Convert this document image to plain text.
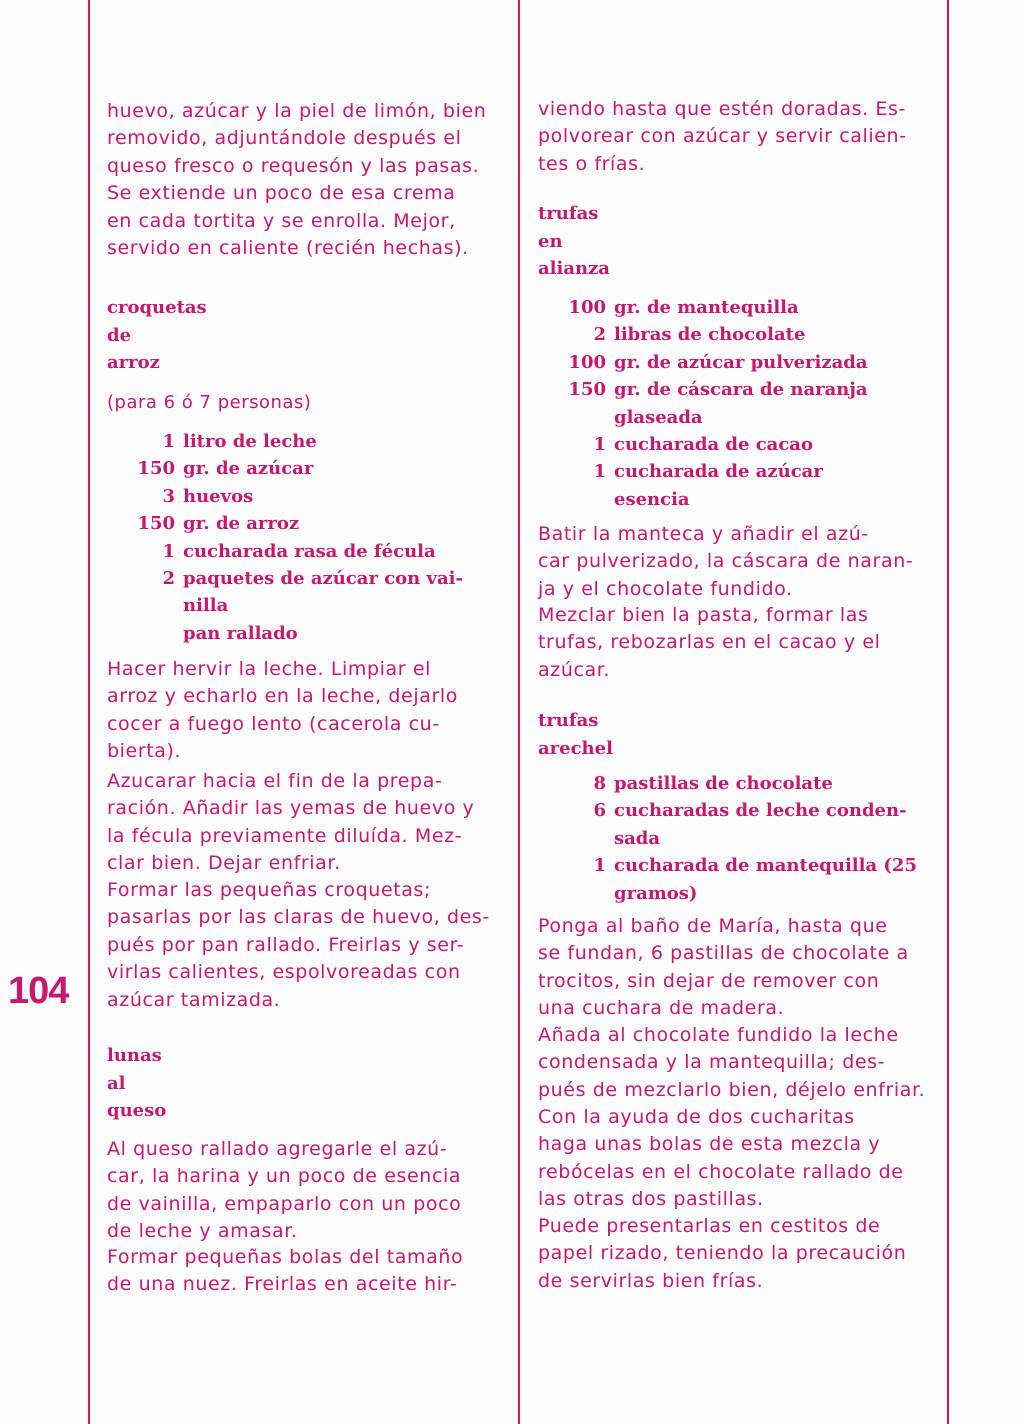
104
huevo, azúcar y la piel de limón, bien
removido, adjuntándole después el
queso fresco o requesón y las pasas.
Se extiende un poco de esa crema
en cada tortita y se enrolla. Mejor,
servido en caliente (recién hechas).
croquetas
de
arroz
(para 6 ó 7 personas)
1 litro de leche
150 gr. de azúcar
3 huevos
150 gr. de arroz
1 cucharada rasa de fécula
2 paquetes de azúcar con vai-
nilla
pan rallado
Hacer hervir la leche. Limpiar el
arroz y echarlo en la leche, dejarlo
cocer a fuego lento (cacerola cu-
bierta).
Azucarar hacia el fin de la prepa-
ración. Añadir las yemas de huevo y
la fécula previamente diluída. Mez-
clar bien. Dejar enfriar.
Formar las pequeñas croquetas;
pasarlas por las claras de huevo, des-
pués por pan rallado. Freirlas y ser-
virlas calientes, espolvoreadas con
azúcar tamizada.
lunas
al
queso
Al queso rallado agregarle el azú-
car, la harina y un poco de esencia
de vainilla, empaparlo con un poco
de leche y amasar.
Formar pequeñas bolas del tamaño
de una nuez. Freirlas en aceite hir-
viendo hasta que estén doradas. Es-
polvorear con azúcar y servir calien-
tes o frías.
trufas
en
alianza
100 gr. de mantequilla
2 libras de chocolate
100 gr. de azúcar pulverizada
150 gr. de cáscara de naranja
glaseada
1 cucharada de cacao
1 cucharada de azúcar
esencia
Batir la manteca y añadir el azú-
car pulverizado, la cáscara de naran-
ja y el chocolate fundido.
Mezclar bien la pasta, formar las
trufas, rebozarlas en el cacao y el
azúcar.
trufas
arechel
8 pastillas de chocolate
6 cucharadas de leche conden-
sada
1 cucharada de mantequilla (25
gramos)
Ponga al baño de María, hasta que
se fundan, 6 pastillas de chocolate a
trocitos, sin dejar de remover con
una cuchara de madera.
Añada al chocolate fundido la leche
condensada y la mantequilla; des-
pués de mezclarlo bien, déjelo enfriar.
Con la ayuda de dos cucharitas
haga unas bolas de esta mezcla y
rebócelas en el chocolate rallado de
las otras dos pastillas.
Puede presentarlas en cestitos de
papel rizado, teniendo la precaución
de servirlas bien frías.
